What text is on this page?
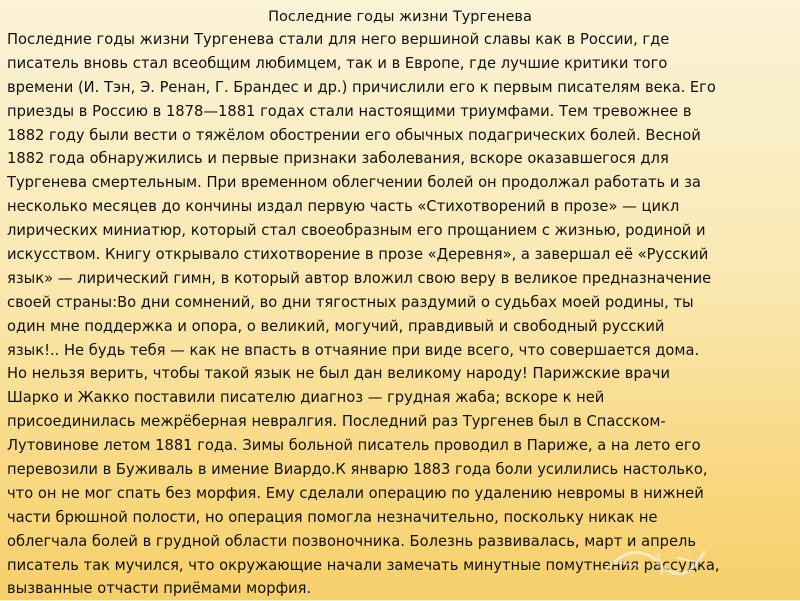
Последние годы жизни Тургенева
Последние годы жизни Тургенева стали для него вершиной славы как в России, где
писатель вновь стал всеобщим любимцем, так и в Европе, где лучшие критики того
времени (И. Тэн, Э. Ренан, Г. Брандес и др.) причислили его к первым писателям века. Его
приезды в Россию в 1878—1881 годах стали настоящими триумфами. Тем тревожнее в
1882 году были вести о тяжёлом обострении его обычных подагрических болей. Весной
1882 года обнаружились и первые признаки заболевания, вскоре оказавшегося для
Тургенева смертельным. При временном облегчении болей он продолжал работать и за
несколько месяцев до кончины издал первую часть «Стихотворений в прозе» — цикл
лирических миниатюр, который стал своеобразным его прощанием с жизнью, родиной и
искусством. Книгу открывало стихотворение в прозе «Деревня», а завершал её «Русский
язык» — лирический гимн, в который автор вложил свою веру в великое предназначение
своей страны:Во дни сомнений, во дни тягостных раздумий о судьбах моей родины, ты
один мне поддержка и опора, о великий, могучий, правдивый и свободный русский
язык!.. Не будь тебя — как не впасть в отчаяние при виде всего, что совершается дома.
Но нельзя верить, чтобы такой язык не был дан великому народу! Парижские врачи
Шарко и Жакко поставили писателю диагноз — грудная жаба; вскоре к ней
присоединилась межрёберная невралгия. Последний раз Тургенев был в Спасском-
Лутовинове летом 1881 года. Зимы больной писатель проводил в Париже, а на лето его
перевозили в Буживаль в имение Виардо.К январю 1883 года боли усилились настолько,
что он не мог спать без морфия. Ему сделали операцию по удалению невромы в нижней
части брюшной полости, но операция помогла незначительно, поскольку никак не
облегчала болей в грудной области позвоночника. Болезнь развивалась, март и апрель
писатель так мучился, что окружающие начали замечать минутные помутнения рассудка,
вызванные отчасти приёмами морфия.
